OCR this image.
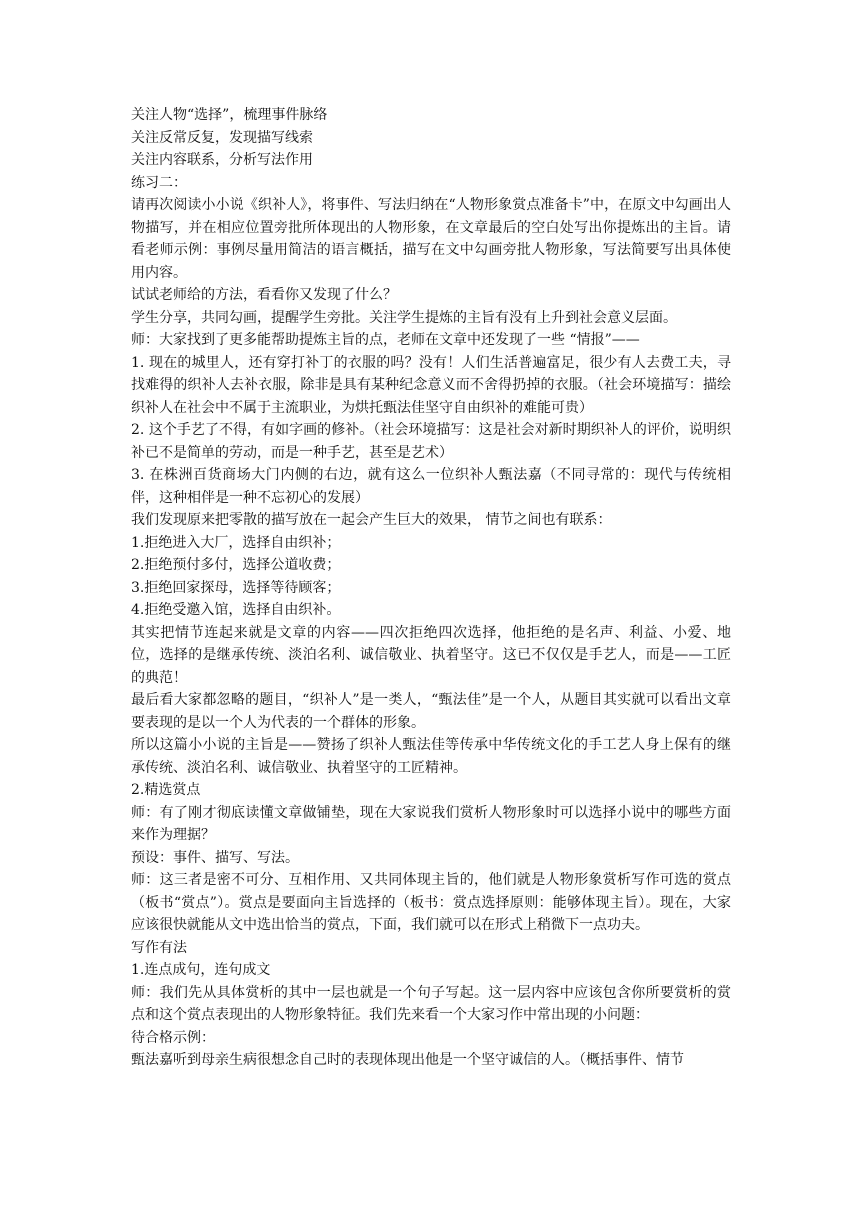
关注人物“选择”，梳理事件脉络

关注反常反复，发现描写线索

关注内容联系，分析写法作用

练习二：

请再次阅读小小说《织补人》，将事件、写法归纳在“人物形象赏点准备卡”中，在原文中勾画出人物描写，并在相应位置旁批所体现出的人物形象，在文章最后的空白处写出你提炼出的主旨。请看老师示例：事例尽量用简洁的语言概括，描写在文中勾画旁批人物形象，写法简要写出具体使用内容。

试试老师给的方法，看看你又发现了什么？

学生分享，共同勾画，提醒学生旁批。关注学生提炼的主旨有没有上升到社会意义层面。

师：大家找到了更多能帮助提炼主旨的点，老师在文章中还发现了一些 “情报”——

1. 现在的城里人，还有穿打补丁的衣服的吗？没有！人们生活普遍富足，很少有人去费工夫，寻找难得的织补人去补衣服，除非是具有某种纪念意义而不舍得扔掉的衣服。（社会环境描写：描绘织补人在社会中不属于主流职业，为烘托甄法佳坚守自由织补的难能可贵）

2. 这个手艺了不得，有如字画的修补。（社会环境描写：这是社会对新时期织补人的评价，说明织补已不是简单的劳动，而是一种手艺，甚至是艺术）

3. 在株洲百货商场大门内侧的右边，就有这么一位织补人甄法嘉（不同寻常的：现代与传统相伴，这种相伴是一种不忘初心的发展）

我们发现原来把零散的描写放在一起会产生巨大的效果， 情节之间也有联系：

1.拒绝进入大厂，选择自由织补；

2.拒绝预付多付，选择公道收费；

3.拒绝回家探母，选择等待顾客；

4.拒绝受邀入馆，选择自由织补。

其实把情节连起来就是文章的内容——四次拒绝四次选择，他拒绝的是名声、利益、小爱、地位，选择的是继承传统、淡泊名利、诚信敬业、执着坚守。这已不仅仅是手艺人，而是——工匠的典范！

最后看大家都忽略的题目，“织补人”是一类人，“甄法佳”是一个人，从题目其实就可以看出文章要表现的是以一个人为代表的一个群体的形象。

所以这篇小小说的主旨是——赞扬了织补人甄法佳等传承中华传统文化的手工艺人身上保有的继承传统、淡泊名利、诚信敬业、执着坚守的工匠精神。

2.精选赏点

师：有了刚才彻底读懂文章做铺垫，现在大家说我们赏析人物形象时可以选择小说中的哪些方面来作为理据？

预设：事件、描写、写法。

师：这三者是密不可分、互相作用、又共同体现主旨的，他们就是人物形象赏析写作可选的赏点（板书“赏点”）。赏点是要面向主旨选择的（板书：赏点选择原则：能够体现主旨）。现在，大家应该很快就能从文中选出恰当的赏点，下面，我们就可以在形式上稍微下一点功夫。

写作有法

1.连点成句，连句成文

师：我们先从具体赏析的其中一层也就是一个句子写起。这一层内容中应该包含你所要赏析的赏点和这个赏点表现出的人物形象特征。我们先来看一个大家习作中常出现的小问题：

待合格示例：

甄法嘉听到母亲生病很想念自己时的表现体现出他是一个坚守诚信的人。（概括事件、情节
